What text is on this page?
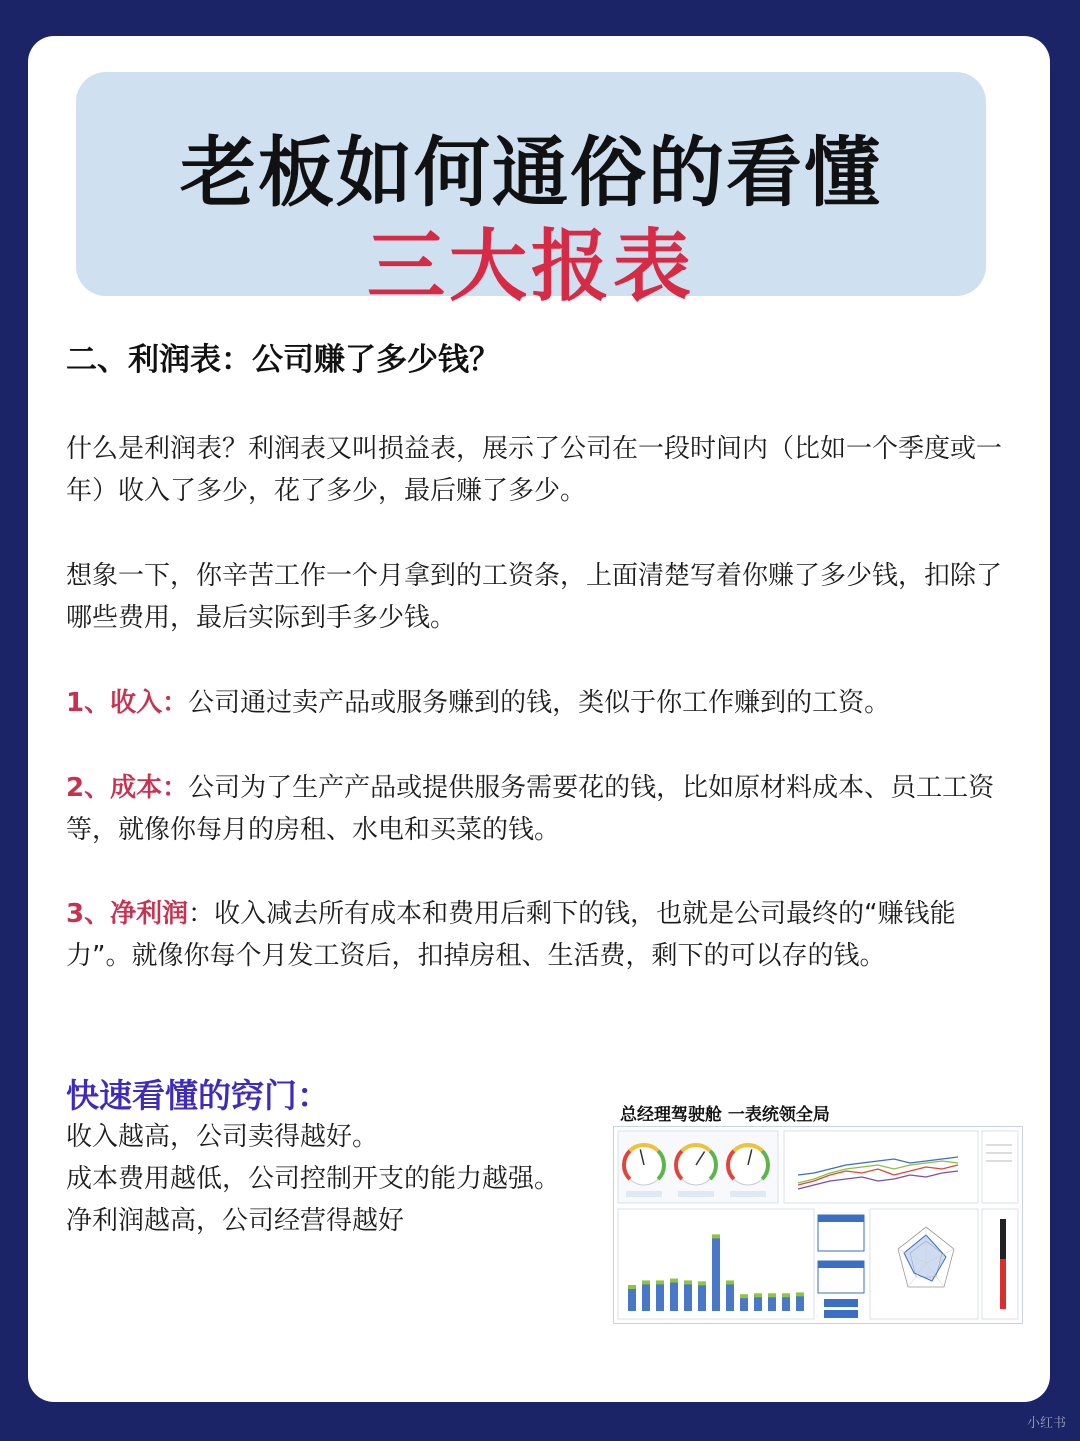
老板如何通俗的看懂
三大报表
二、利润表：公司赚了多少钱？
什么是利润表？利润表又叫损益表，展示了公司在一段时间内（比如一个季度或一年）收入了多少，花了多少，最后赚了多少。
想象一下，你辛苦工作一个月拿到的工资条，上面清楚写着你赚了多少钱，扣除了哪些费用，最后实际到手多少钱。
1、收入：公司通过卖产品或服务赚到的钱，类似于你工作赚到的工资。
2、成本：公司为了生产产品或提供服务需要花的钱，比如原材料成本、员工工资等，就像你每月的房租、水电和买菜的钱。
3、净利润：收入减去所有成本和费用后剩下的钱，也就是公司最终的“赚钱能力”。就像你每个月发工资后，扣掉房租、生活费，剩下的可以存的钱。
快速看懂的窍门：
收入越高，公司卖得越好。
成本费用越低，公司控制开支的能力越强。
净利润越高，公司经营得越好
总经理驾驶舱 一表统领全局
小红书
